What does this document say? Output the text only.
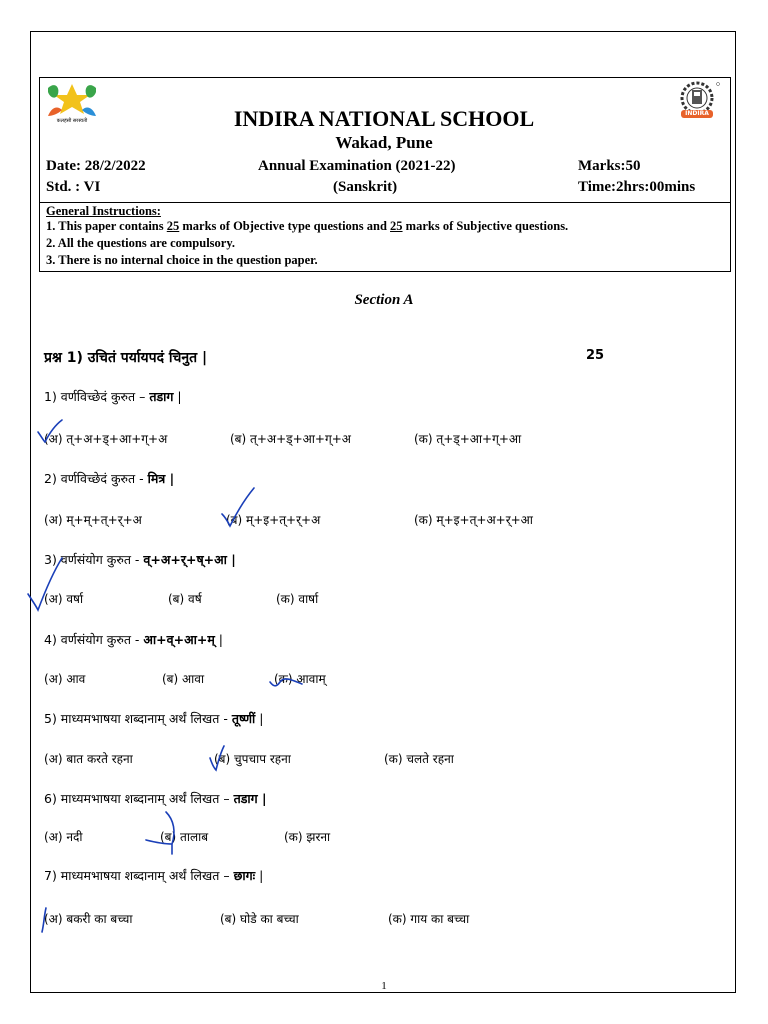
कलहंसी सरस्वती
INDIRA
INDIRA NATIONAL SCHOOL
Wakad, Pune
Date: 28/2/2022	Annual Examination (2021-22)	Marks:50
Std. : VI	(Sanskrit)	Time:2hrs:00mins
General Instructions:
1. This paper contains 25 marks of Objective type questions and 25 marks of Subjective questions.
2. All the questions are compulsory.
3. There is no internal choice in the question paper.
Section A
प्रश्न 1) उचितं पर्यायपदं चिनुत |	25
1) वर्णविच्छेदं कुरुत – तडाग |
(अ) त्+अ+ड्+आ+ग्+अ	(ब) त्+अ+ड्+आ+ग्+अ	(क) त्+ड्+आ+ग्+आ
2) वर्णविच्छेदं कुरुत - मित्र |
(अ) म्+म्+त्+र्+अ	(ब) म्+इ+त्+र्+अ	(क) म्+इ+त्+अ+र्+आ
3) वर्णसंयोग कुरुत - व्+अ+र्+ष्+आ |
(अ) वर्षा	(ब) वर्ष	(क) वार्षा
4) वर्णसंयोग कुरुत - आ+व्+आ+म् |
(अ) आव	(ब) आवा	(क) आवाम्
5) माध्यमभाषया शब्दानाम् अर्थं लिखत - तूष्णीं |
(अ) बात करते रहना	(ब) चुपचाप रहना	(क) चलते रहना
6) माध्यमभाषया शब्दानाम् अर्थं लिखत – तडाग |
(अ) नदी	(ब) तालाब	(क) झरना
7) माध्यमभाषया शब्दानाम् अर्थं लिखत – छागः |
(अ) बकरी का बच्चा	(ब) घोडे का बच्चा	(क) गाय का बच्चा
1
